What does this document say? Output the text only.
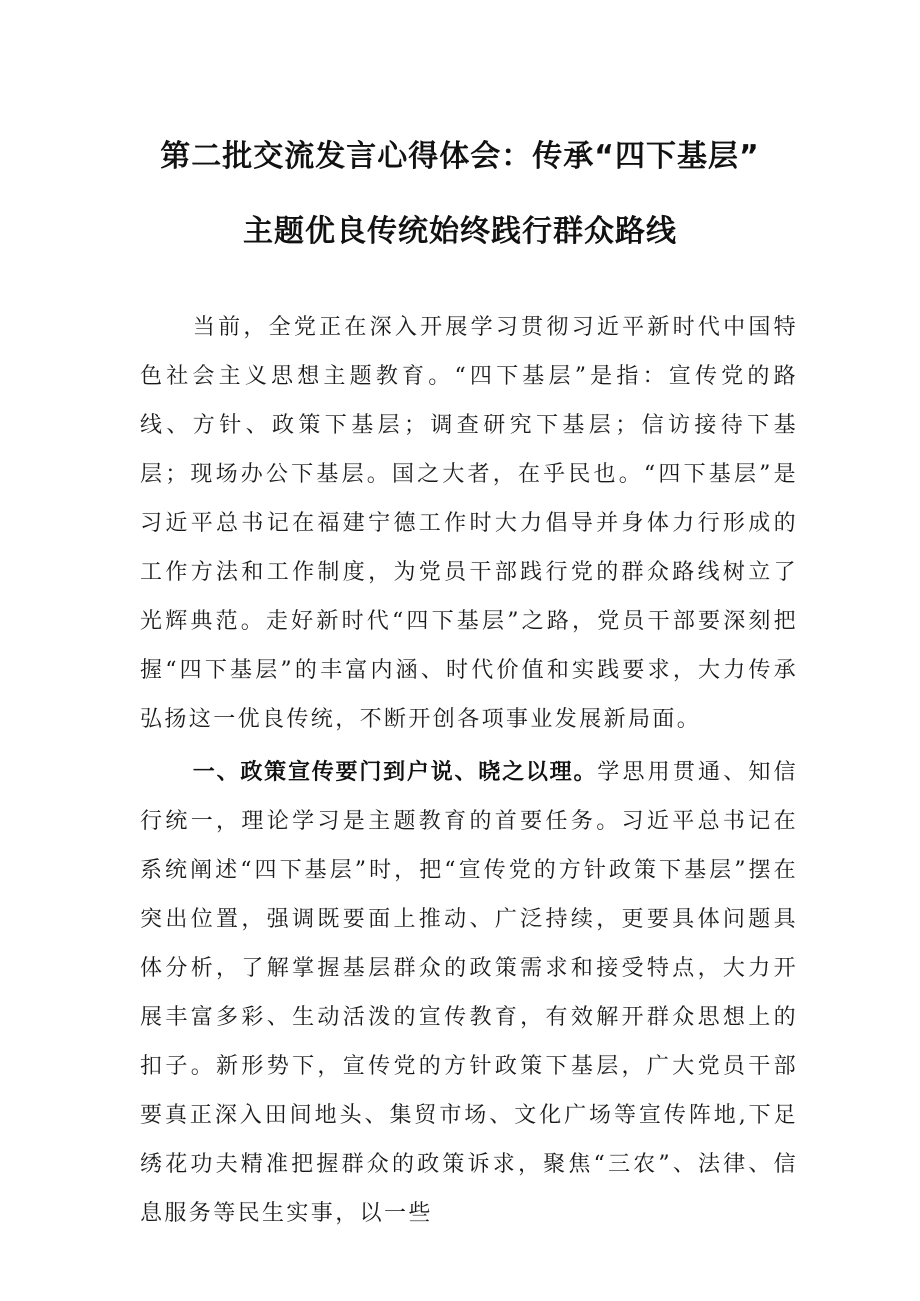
第二批交流发言心得体会：传承“四下基层”
主题优良传统始终践行群众路线
当前，全党正在深入开展学习贯彻习近平新时代中国特色社会主义思想主题教育。“四下基层”是指：宣传党的路线、方针、政策下基层；调查研究下基层；信访接待下基层；现场办公下基层。国之大者，在乎民也。“四下基层”是习近平总书记在福建宁德工作时大力倡导并身体力行形成的工作方法和工作制度，为党员干部践行党的群众路线树立了光辉典范。走好新时代“四下基层”之路，党员干部要深刻把握“四下基层”的丰富内涵、时代价值和实践要求，大力传承弘扬这一优良传统，不断开创各项事业发展新局面。
一、政策宣传要门到户说、晓之以理。学思用贯通、知信行统一，理论学习是主题教育的首要任务。习近平总书记在系统阐述“四下基层”时，把“宣传党的方针政策下基层”摆在突出位置，强调既要面上推动、广泛持续，更要具体问题具体分析，了解掌握基层群众的政策需求和接受特点，大力开展丰富多彩、生动活泼的宣传教育，有效解开群众思想上的扣子。新形势下，宣传党的方针政策下基层，广大党员干部要真正深入田间地头、集贸市场、文化广场等宣传阵地,下足绣花功夫精准把握群众的政策诉求，聚焦“三农”、法律、信息服务等民生实事，以一些
